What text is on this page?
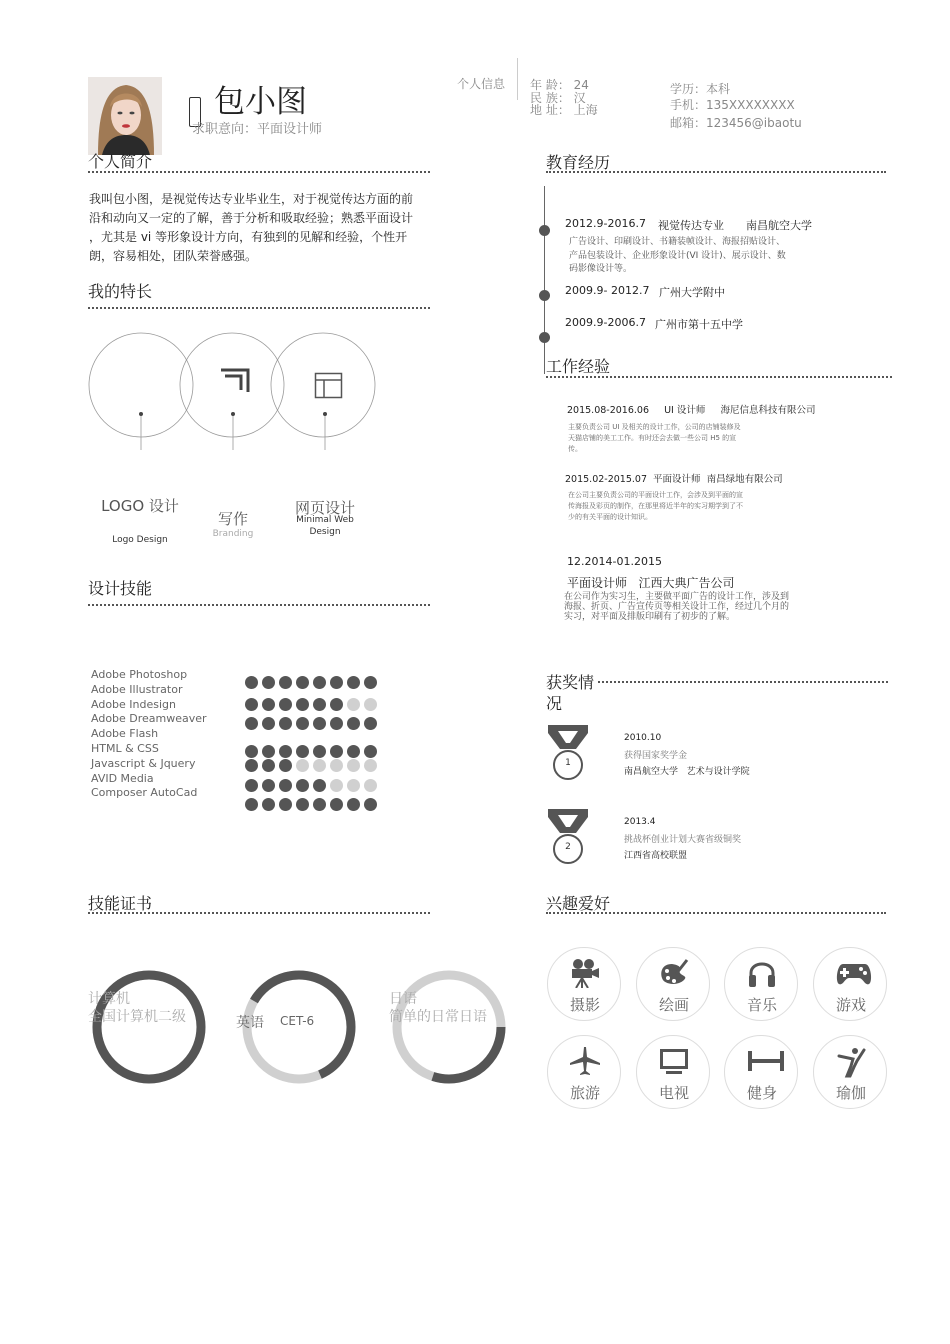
包小图
求职意向：平面设计师
个人信息 年 龄： 24
民 族： 汉
地 址： 上海
学历：本科
手机：135XXXXXXXX
邮箱：123456@ibaotu
个人简介
我叫包小图，是视觉传达专业毕业生，对于视觉传达方面的前
沿和动向又一定的了解，善于分析和吸取经验；熟悉平面设计
，尤其是 vi 等形象设计方向，有独到的见解和经验，个性开
朗，容易相处，团队荣誉感强。
我的特长
LOGO 设计
Logo Design
写作
Branding
网页设计
Minimal Web Design
设计技能
Adobe Photoshop
Adobe Illustrator
Adobe Indesign
Adobe Dreamweaver
Adobe Flash
HTML & CSS
Javascript & Jquery
AVID Media
Composer AutoCad
技能证书
计算机
全国计算机二级	英语 CET-6
日语
简单的日常日语
教育经历
2012.9-2016.7 视觉传达专业 南昌航空大学
广告设计、印刷设计、书籍装帧设计、海报招贴设计、
产品包装设计、企业形象设计(VI 设计)、展示设计、数
码影像设计等。
2009.9- 2012.7 广州大学附中
2009.9-2006.7 广州市第十五中学
工作经验
2015.08-2016.06     UI 设计师     海尼信息科技有限公司
主要负责公司 UI 及相关的设计工作，公司的店铺装修及
天猫店铺的美工工作。有时还会去做一些公司 H5 的宣
传。
2015.02-2015.07  平面设计师  南昌绿地有限公司
在公司主要负责公司的平面设计工作，会涉及到平面的宣
传海报及彩页的制作，在那里将近半年的实习期学到了不
少的有关平面的设计知识。
12.2014-01.2015
平面设计师   江西大典广告公司
在公司作为实习生，主要做平面广告的设计工作，涉及到
海报、折页、广告宣传页等相关设计工作，经过几个月的
实习，对平面及排版印刷有了初步的了解。
获奖情况
1
2010.10
获得国家奖学金
南昌航空大学   艺术与设计学院
2
2013.4
挑战杯创业计划大赛省级铜奖
江西省高校联盟
兴趣爱好
摄影	绘画	音乐	游戏
旅游	电视	健身	瑜伽
